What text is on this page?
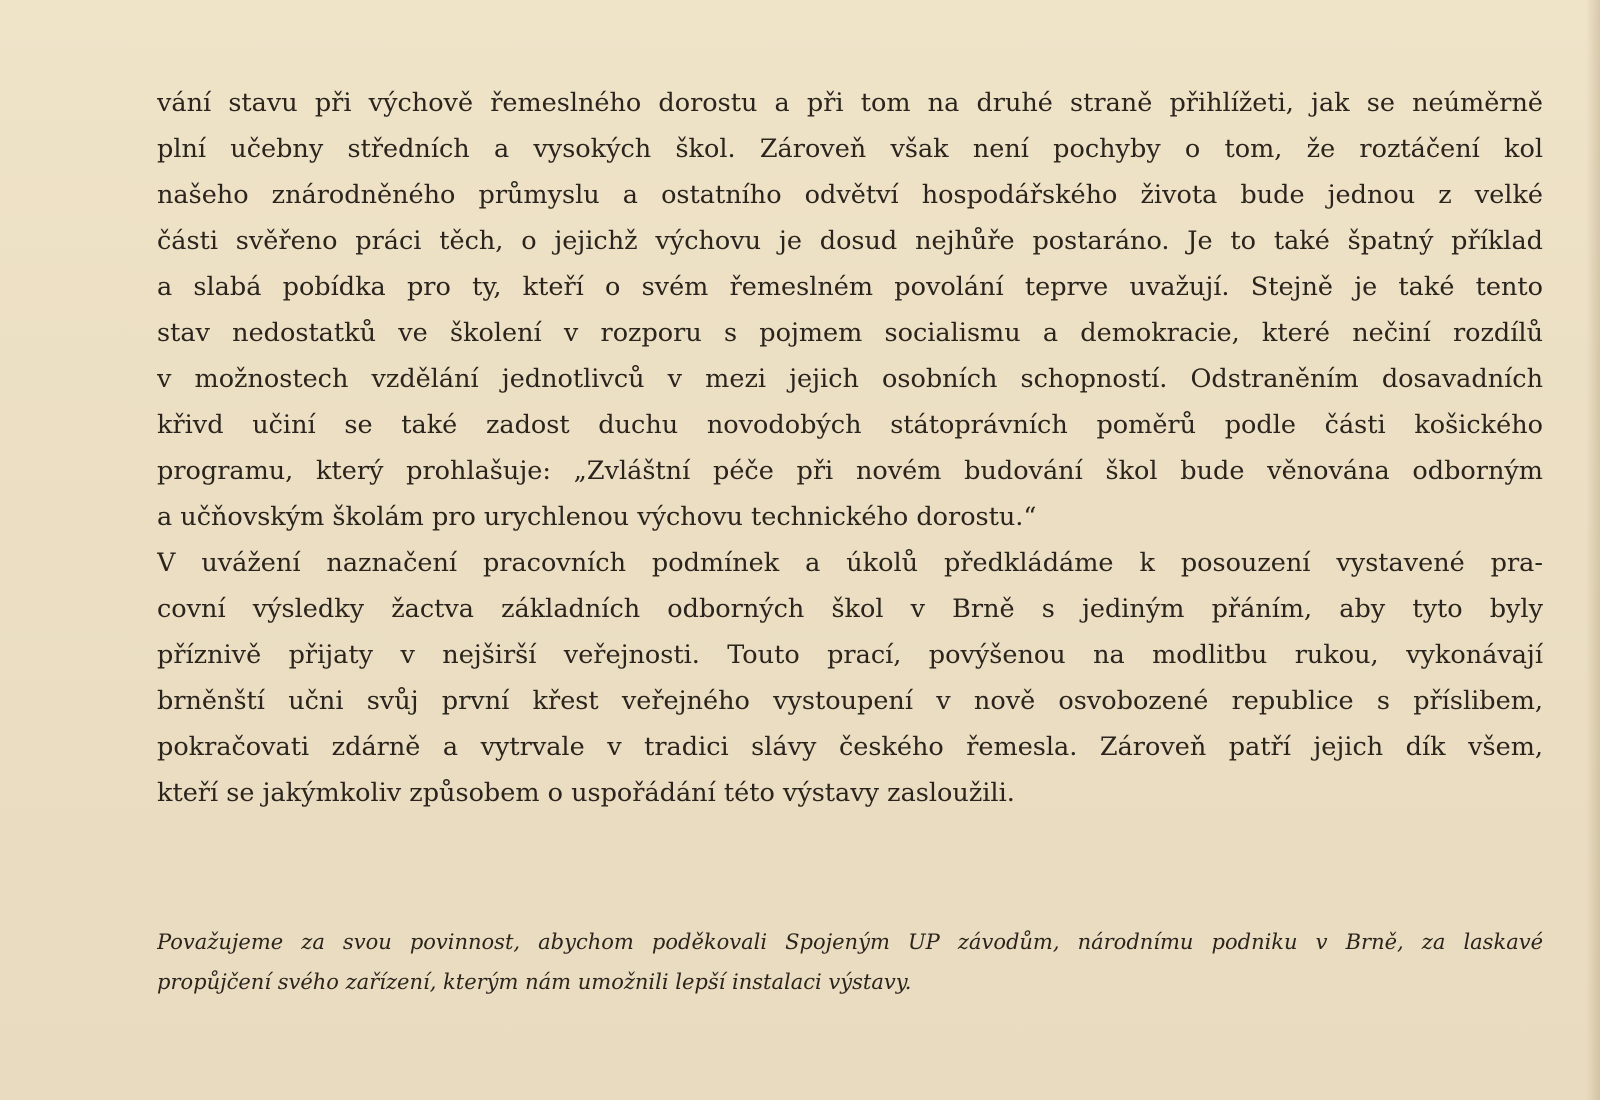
vání stavu při výchově řemeslného dorostu a při tom na druhé straně přihlížeti, jak se neúměrně
plní učebny středních a vysokých škol. Zároveň však není pochyby o tom, že roztáčení kol
našeho znárodněného průmyslu a ostatního odvětví hospodářského života bude jednou z velké
části svěřeno práci těch, o jejichž výchovu je dosud nejhůře postaráno. Je to také špatný příklad
a slabá pobídka pro ty, kteří o svém řemeslném povolání teprve uvažují. Stejně je také tento
stav nedostatků ve školení v rozporu s pojmem socialismu a demokracie, které nečiní rozdílů
v možnostech vzdělání jednotlivců v mezi jejich osobních schopností. Odstraněním dosavadních
křivd učiní se také zadost duchu novodobých státoprávních poměrů podle části košického
programu, který prohlašuje: „Zvláštní péče při novém budování škol bude věnována odborným
a učňovským školám pro urychlenou výchovu technického dorostu.“
V uvážení naznačení pracovních podmínek a úkolů předkládáme k posouzení vystavené pra-
covní výsledky žactva základních odborných škol v Brně s jediným přáním, aby tyto byly
příznivě přijaty v nejširší veřejnosti. Touto prací, povýšenou na modlitbu rukou, vykonávají
brněnští učni svůj první křest veřejného vystoupení v nově osvobozené republice s příslibem,
pokračovati zdárně a vytrvale v tradici slávy českého řemesla. Zároveň patří jejich dík všem,
kteří se jakýmkoliv způsobem o uspořádání této výstavy zasloužili.
Považujeme za svou povinnost, abychom poděkovali Spojeným UP závodům, národnímu podniku v Brně, za laskavé
propůjčení svého zařízení, kterým nám umožnili lepší instalaci výstavy.
